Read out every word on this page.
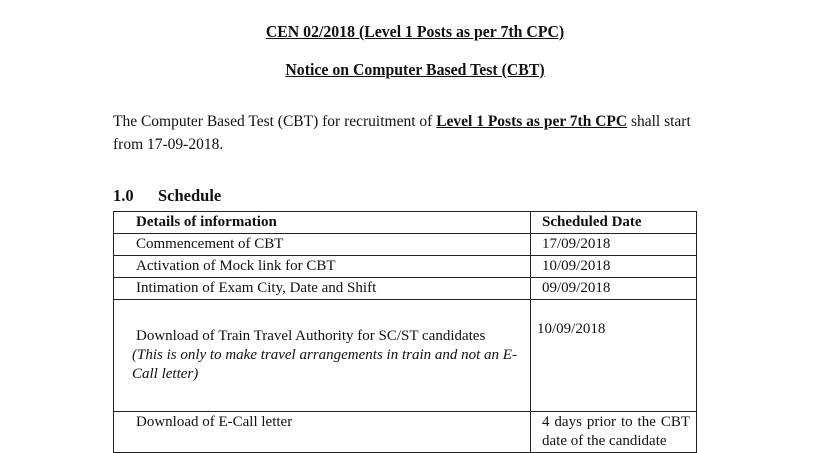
CEN 02/2018 (Level 1 Posts as per 7th CPC)
Notice on Computer Based Test (CBT)
The Computer Based Test (CBT) for recruitment of Level 1 Posts as per 7th CPC shall start from 17-09-2018.
1.0 Schedule
Details of information	Scheduled Date
Commencement of CBT	17/09/2018
Activation of Mock link for CBT	10/09/2018
Intimation of Exam City, Date and Shift	09/09/2018
Download of Train Travel Authority for SC/ST candidates
(This is only to make travel arrangements in train and not an E-Call letter)	10/09/2018
Download of E-Call letter	4 days prior to the CBT date of the candidate
